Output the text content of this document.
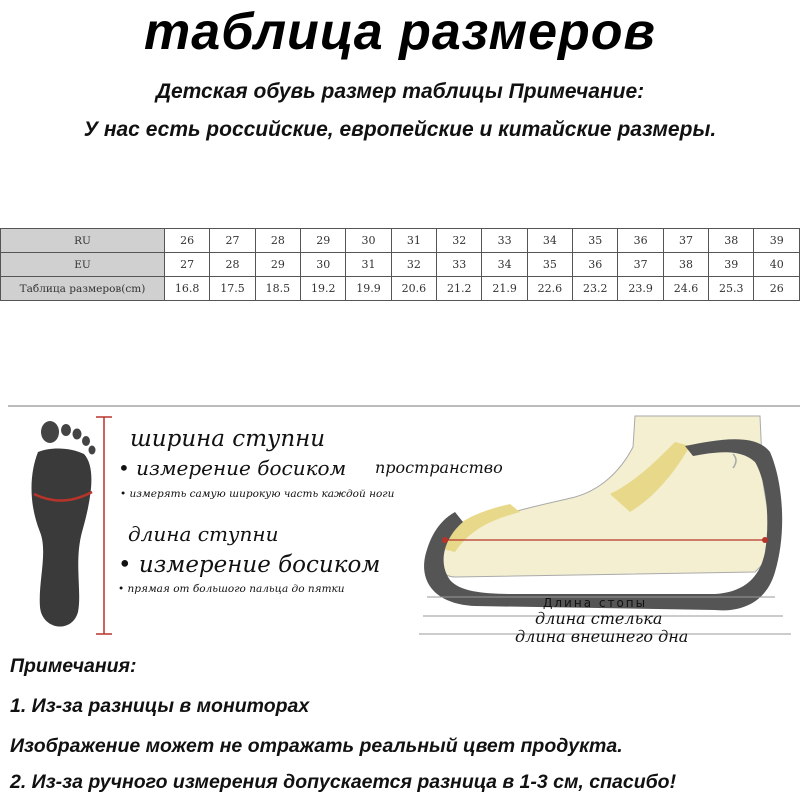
таблица размеров
Детская обувь размер таблицы Примечание:
У нас есть российские, европейские и китайские размеры.
RU	26	27	28	29	30	31	32	33	34	35	36	37	38	39
EU	27	28	29	30	31	32	33	34	35	36	37	38	39	40
Таблица размеров(cm)	16.8	17.5	18.5	19.2	19.9	20.6	21.2	21.9	22.6	23.2	23.9	24.6	25.3	26
ширина ступни
• измерение босиком
• измерять самую широкую часть каждой ноги
длина ступни
• измерение босиком
• прямая от большого пальца до пятки
пространство
Длина стопы
длина стелька
длина внешнего дна
Примечания:
1. Из-за разницы в мониторах
Изображение может не отражать реальный цвет продукта.
2. Из-за ручного измерения допускается разница в 1-3 см, спасибо!
